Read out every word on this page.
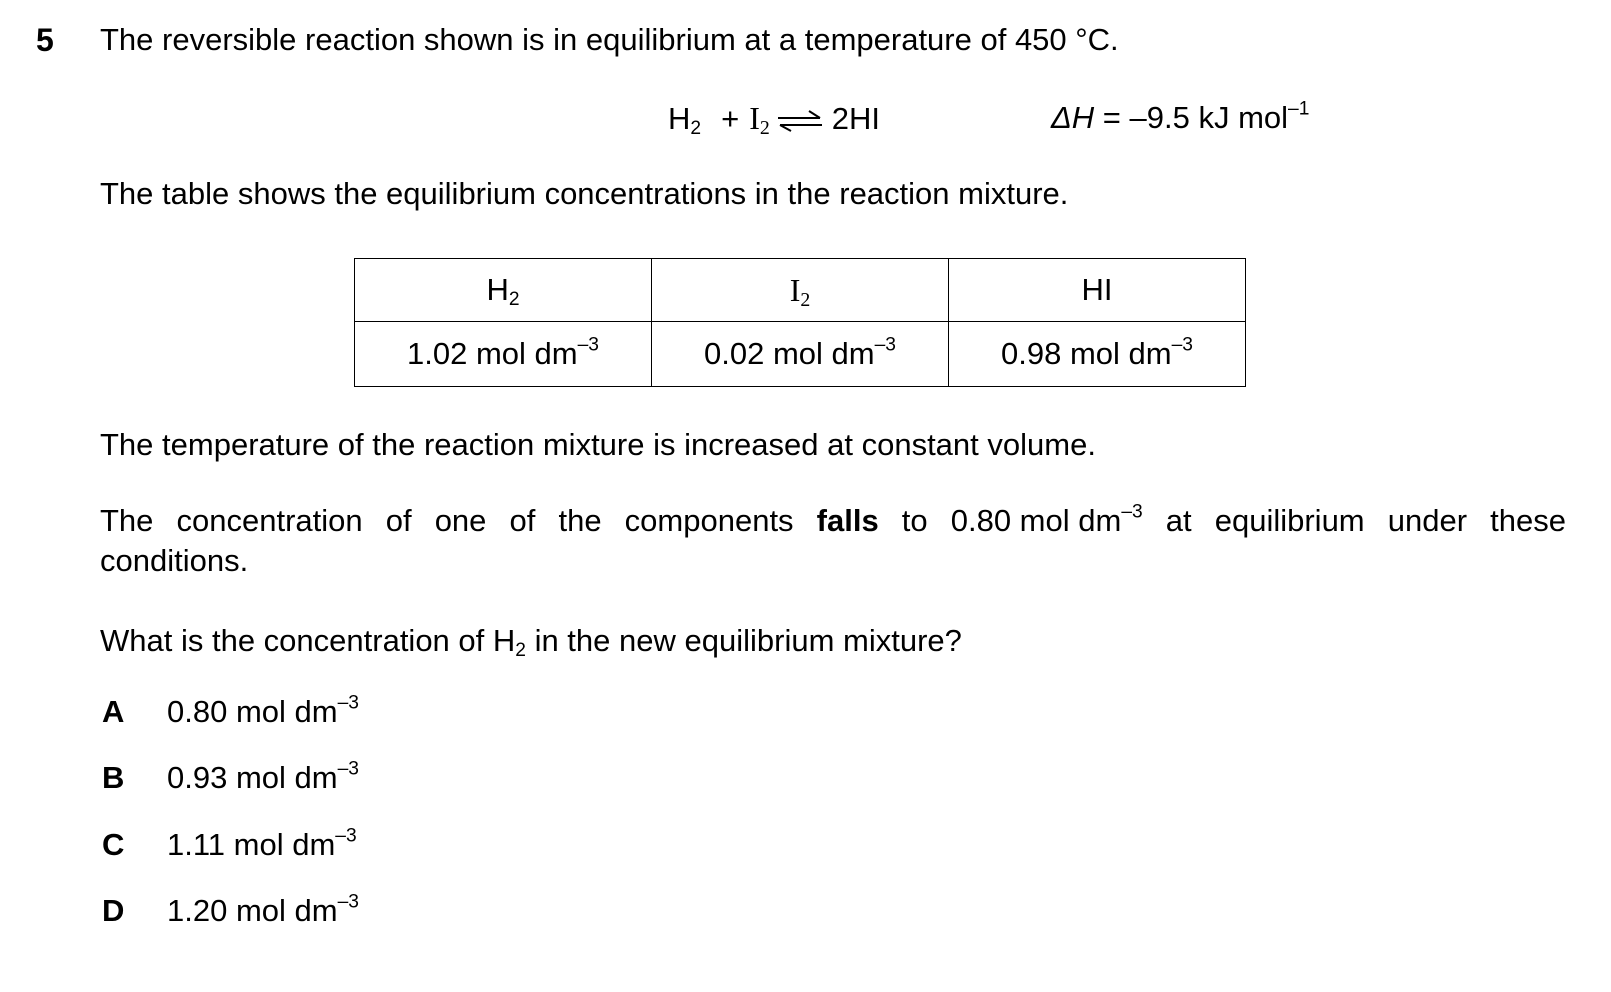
5 The reversible reaction shown is in equilibrium at a temperature of 450 °C.
$H_2 + I_2$ ⇌ 2HI	ΔH = –9.5 kJ mol$^{-1}$
The table shows the equilibrium concentrations in the reaction mixture.
$H_2$	$I_2$	HI
1.02 mol $dm^{-3}$	0.02 mol $dm^{-3}$	0.98 mol $dm^{-3}$
The temperature of the reaction mixture is increased at constant volume.
The concentration of one of the components falls to 0.80 mol $dm^{-3}$ at equilibrium under these
conditions.
What is the concentration of $H_2$ in the new equilibrium mixture?
A 0.80 mol $dm^{-3}$
B 0.93 mol $dm^{-3}$
C 1.11 mol $dm^{-3}$
D 1.20 mol $dm^{-3}$
